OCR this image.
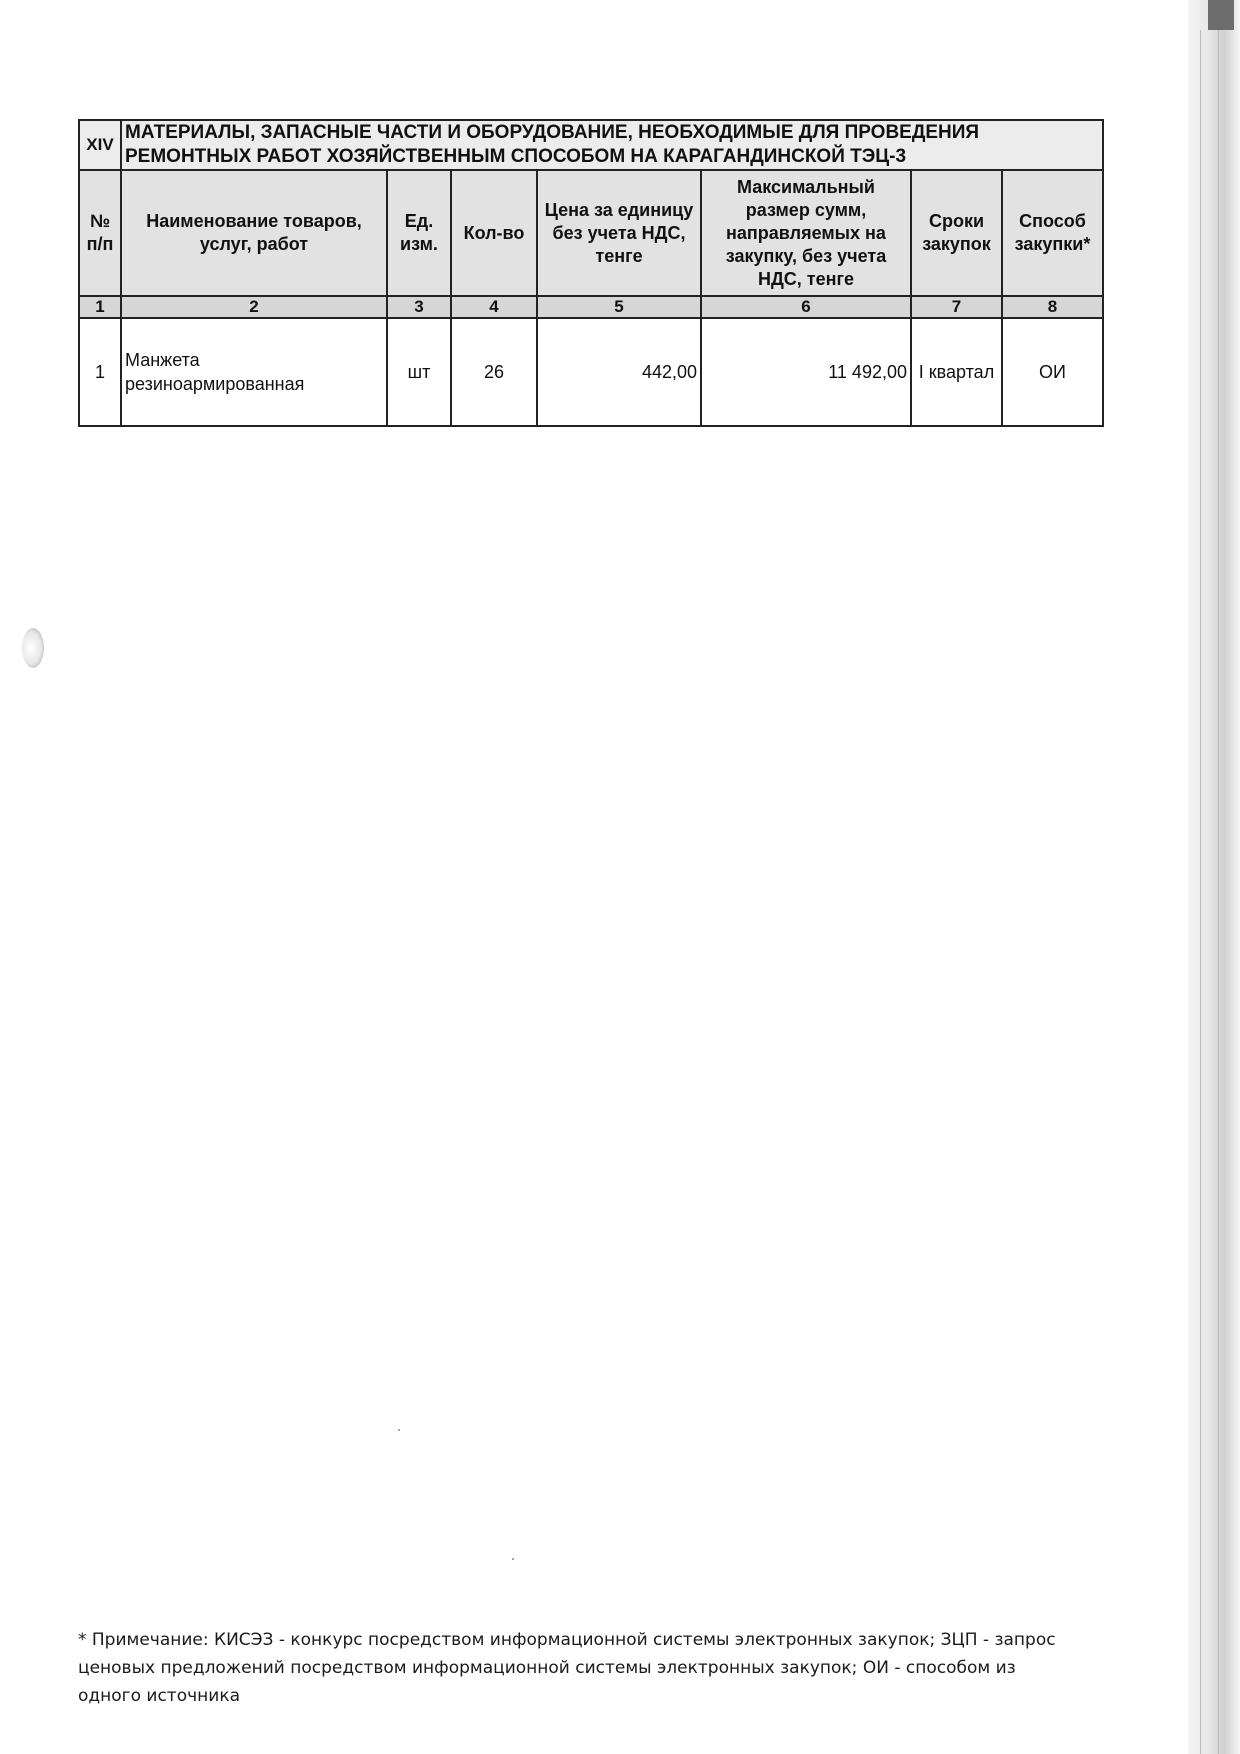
XIV	МАТЕРИАЛЫ, ЗАПАСНЫЕ ЧАСТИ И ОБОРУДОВАНИЕ, НЕОБХОДИМЫЕ ДЛЯ ПРОВЕДЕНИЯ РЕМОНТНЫХ РАБОТ ХОЗЯЙСТВЕННЫМ СПОСОБОМ НА КАРАГАНДИНСКОЙ ТЭЦ-3						
№ п/п	Наименование товаров, услуг, работ	Ед. изм.	Кол-во	Цена за единицу без учета НДС, тенге	Максимальный размер сумм, направляемых на закупку, без учета НДС, тенге	Сроки закупок	Способ закупки*
1	2	3	4	5	6	7	8
1	Манжета резиноармированная	шт	26	442,00	11 492,00	I квартал	ОИ
* Примечание: КИСЭЗ - конкурс посредством информационной системы электронных закупок; ЗЦП - запрос ценовых предложений посредством информационной системы электронных закупок; ОИ - способом из одного источника
